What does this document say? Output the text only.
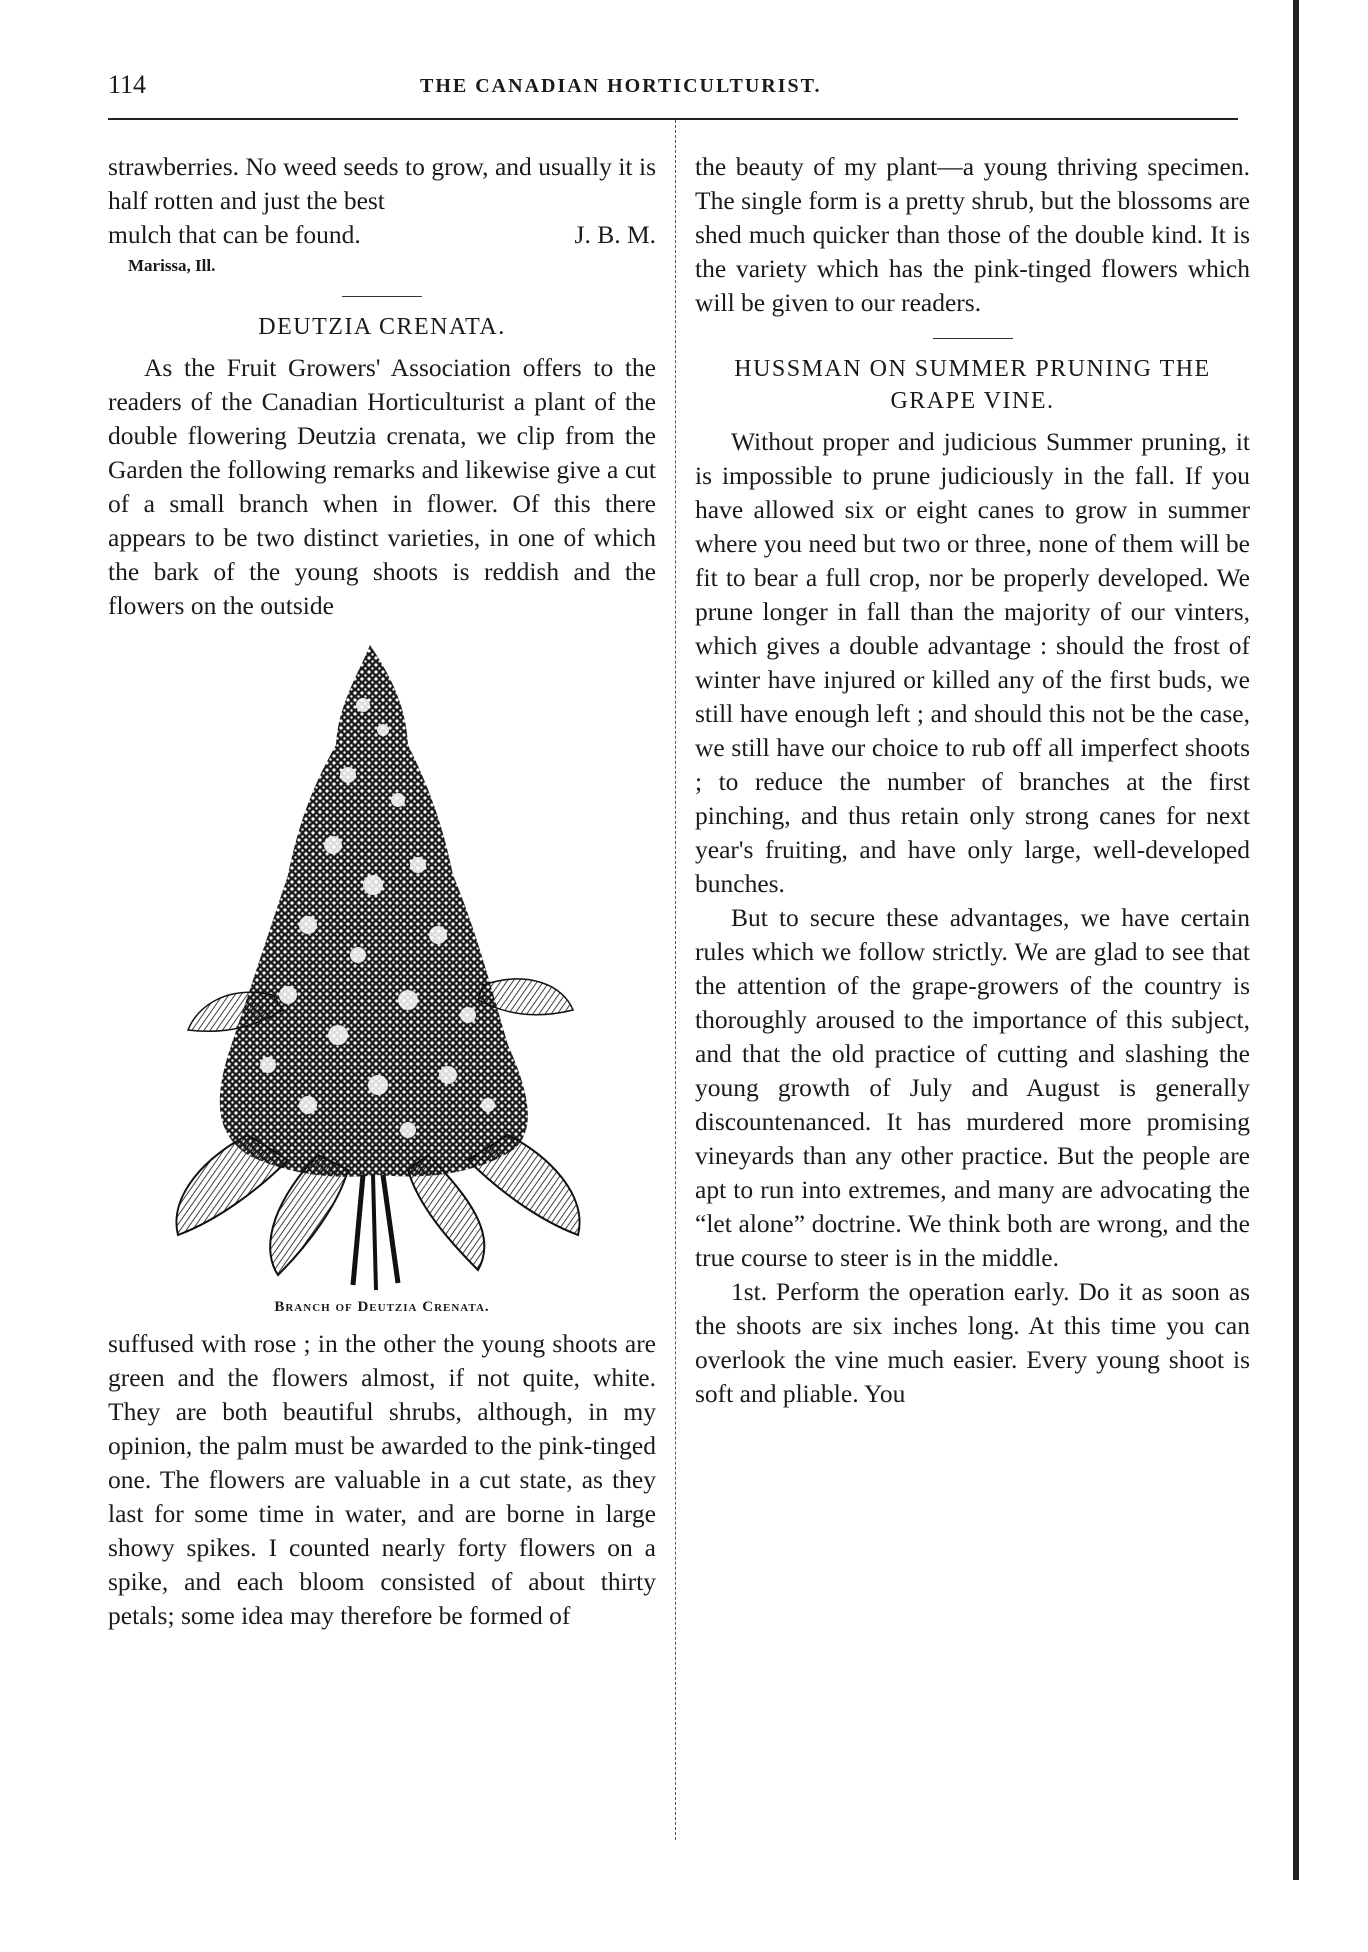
114	THE CANADIAN HORTICULTURIST.

strawberries. No weed seeds to grow, and usually it is half rotten and just the best

mulch that can be found.	J. B. M.

Marissa, Ill.
DEUTZIA CRENATA.

As the Fruit Growers' Association offers to the readers of the Canadian Horticulturist a plant of the double flowering Deutzia crenata, we clip from the Garden the following remarks and likewise give a cut of a small branch when in flower. Of this there appears to be two distinct varieties, in one of which the bark of the young shoots is reddish and the flowers on the outside

Branch of Deutzia Crenata.

suffused with rose ; in the other the young shoots are green and the flowers almost, if not quite, white. They are both beautiful shrubs, although, in my opinion, the palm must be awarded to the pink-tinged one. The flowers are valuable in a cut state, as they last for some time in water, and are borne in large showy spikes. I counted nearly forty flowers on a spike, and each bloom consisted of about thirty petals; some idea may therefore be formed of

the beauty of my plant—a young thriving specimen. The single form is a pretty shrub, but the blossoms are shed much quicker than those of the double kind. It is the variety which has the pink-tinged flowers which will be given to our readers.

HUSSMAN ON SUMMER PRUNING THE GRAPE VINE.

Without proper and judicious Summer pruning, it is impossible to prune judiciously in the fall. If you have allowed six or eight canes to grow in summer where you need but two or three, none of them will be fit to bear a full crop, nor be properly developed. We prune longer in fall than the majority of our vinters, which gives a double advantage : should the frost of winter have injured or killed any of the first buds, we still have enough left ; and should this not be the case, we still have our choice to rub off all imperfect shoots ; to reduce the number of branches at the first pinching, and thus retain only strong canes for next year's fruiting, and have only large, well-developed bunches.

But to secure these advantages, we have certain rules which we follow strictly. We are glad to see that the attention of the grape-growers of the country is thoroughly aroused to the importance of this subject, and that the old practice of cutting and slashing the young growth of July and August is generally discountenanced. It has murdered more promising vineyards than any other practice. But the people are apt to run into extremes, and many are advocating the “let alone” doctrine. We think both are wrong, and the true course to steer is in the middle.

1st. Perform the operation early. Do it as soon as the shoots are six inches long. At this time you can overlook the vine much easier. Every young shoot is soft and pliable. You
